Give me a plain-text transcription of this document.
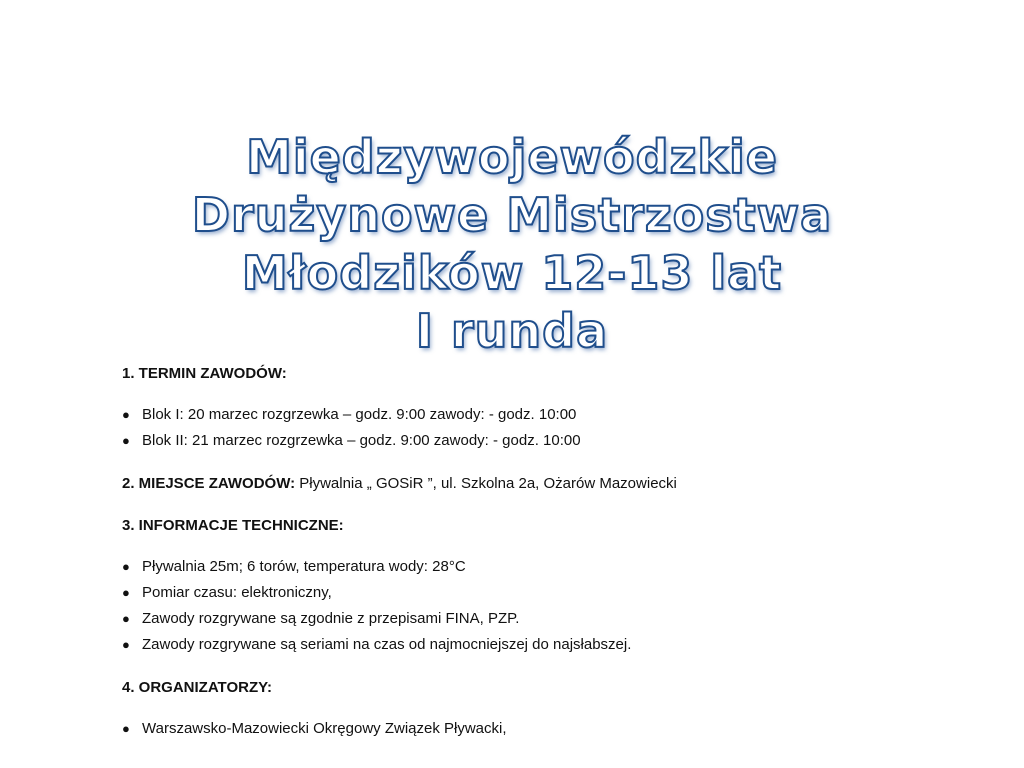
Międzywojewódzkie
Drużynowe Mistrzostwa
Młodzików 12-13 lat
I runda

1. TERMIN ZAWODÓW:

● Blok I: 20 marzec rozgrzewka – godz. 9:00 zawody: - godz. 10:00
● Blok II: 21 marzec rozgrzewka – godz. 9:00 zawody: - godz. 10:00

2. MIEJSCE ZAWODÓW: Pływalnia „ GOSiR ”, ul. Szkolna 2a, Ożarów Mazowiecki

3. INFORMACJE TECHNICZNE:

● Pływalnia 25m; 6 torów, temperatura wody: 28°C
● Pomiar czasu: elektroniczny,
● Zawody rozgrywane są zgodnie z przepisami FINA, PZP.
● Zawody rozgrywane są seriami na czas od najmocniejszej do najsłabszej.

4. ORGANIZATORZY:

● Warszawsko-Mazowiecki Okręgowy Związek Pływacki,
